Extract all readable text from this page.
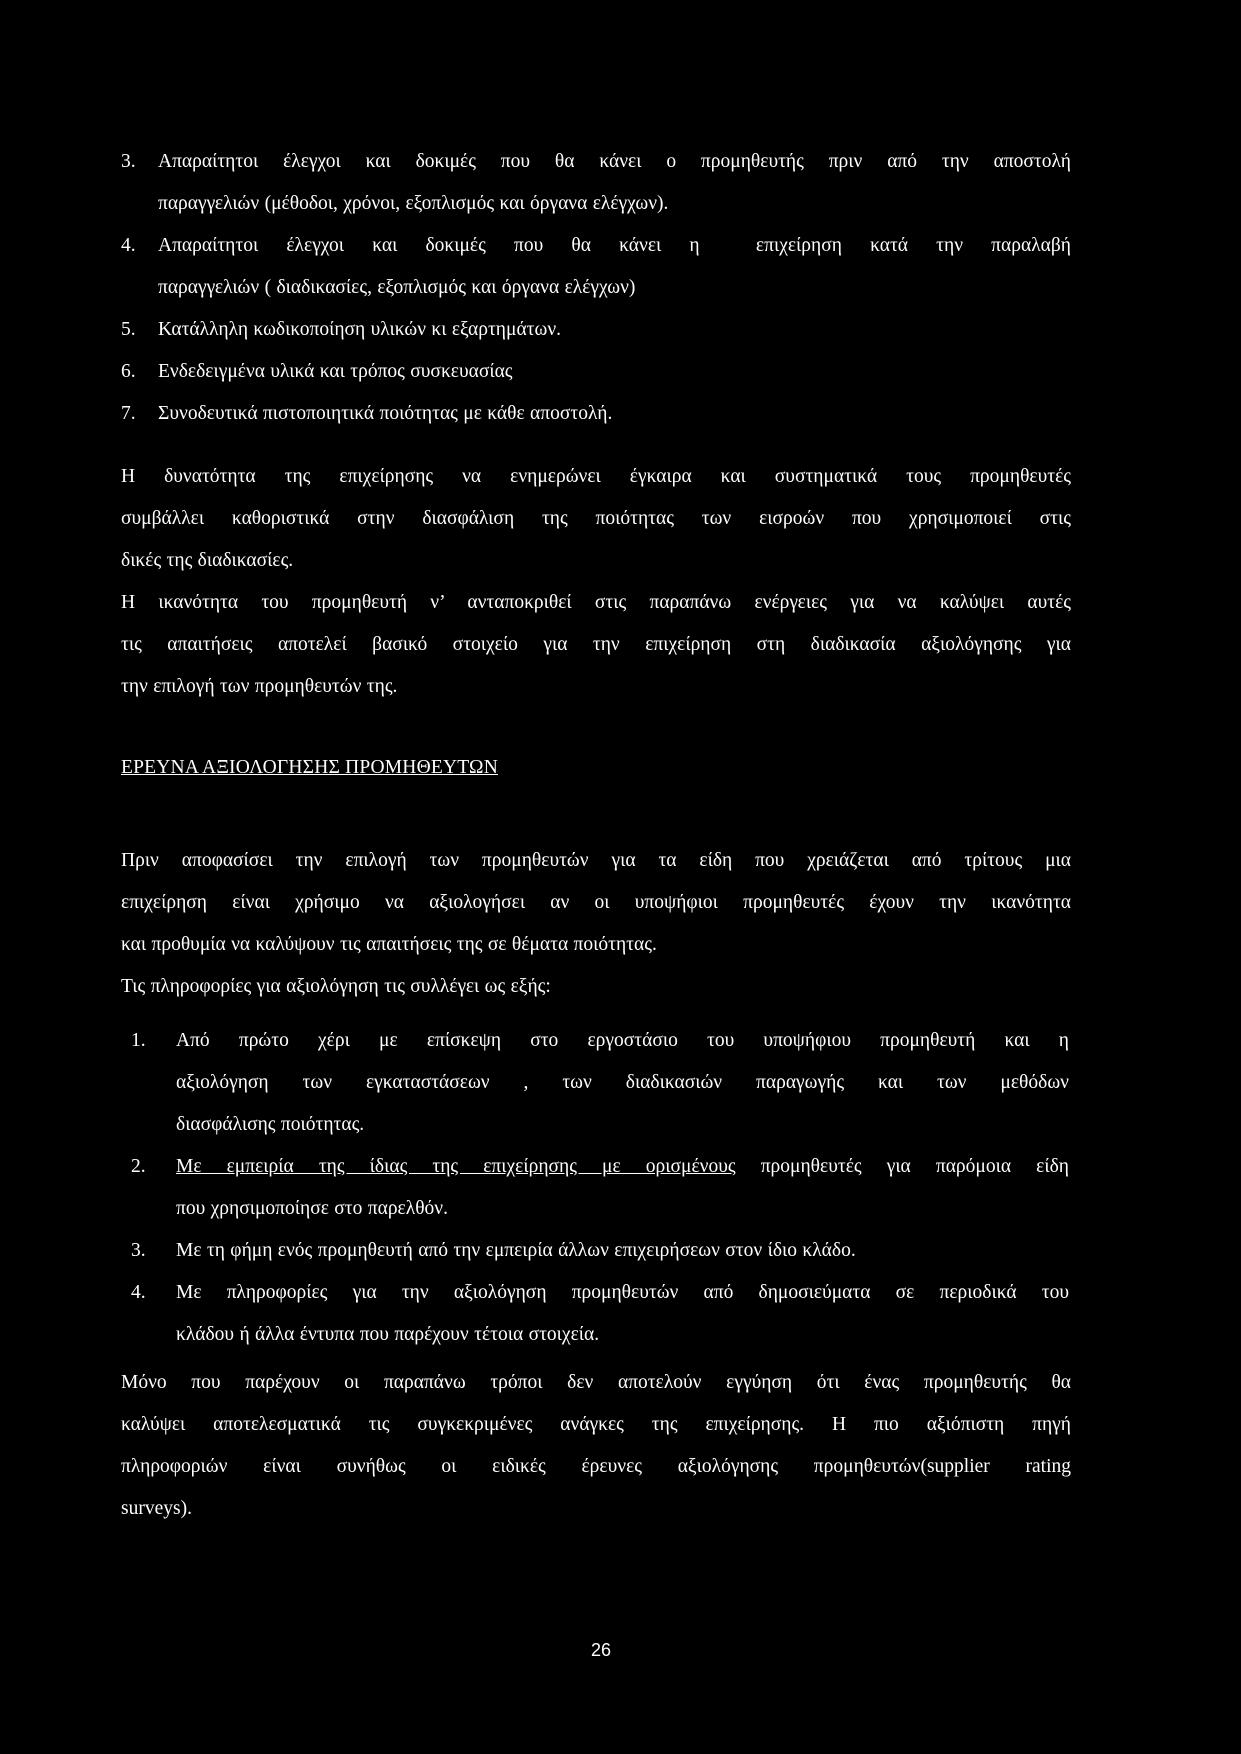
3.	Απαραίτητοι έλεγχοι και δοκιμές που θα κάνει ο προμηθευτής πριν από την αποστολή
παραγγελιών (μέθοδοι, χρόνοι, εξοπλισμός και όργανα ελέγχων).
4.	Απαραίτητοι έλεγχοι και δοκιμές που θα κάνει η  επιχείρηση κατά την παραλαβή
παραγγελιών ( διαδικασίες, εξοπλισμός και όργανα ελέγχων)
5.	Κατάλληλη κωδικοποίηση υλικών κι εξαρτημάτων.
6.	Ενδεδειγμένα υλικά και τρόπος συσκευασίας
7.	Συνοδευτικά πιστοποιητικά ποιότητας με κάθε αποστολή.
Η δυνατότητα της επιχείρησης να ενημερώνει έγκαιρα και συστηματικά τους προμηθευτές
συμβάλλει καθοριστικά στην διασφάλιση της ποιότητας των εισροών που χρησιμοποιεί στις
δικές της διαδικασίες.
Η ικανότητα του προμηθευτή ν’ ανταποκριθεί στις παραπάνω ενέργειες για να καλύψει αυτές
τις απαιτήσεις αποτελεί βασικό στοιχείο για την επιχείρηση στη διαδικασία αξιολόγησης για
την επιλογή των προμηθευτών της.
ΕΡΕΥΝΑ ΑΞΙΟΛΟΓΗΣΗΣ ΠΡΟΜΗΘΕΥΤΩΝ
Πριν αποφασίσει την επιλογή των προμηθευτών για τα είδη που χρειάζεται από τρίτους μια
επιχείρηση είναι χρήσιμο να αξιολογήσει αν οι υποψήφιοι προμηθευτές έχουν την ικανότητα
και προθυμία να καλύψουν τις απαιτήσεις της σε θέματα ποιότητας.
Τις πληροφορίες για αξιολόγηση τις συλλέγει ως εξής:
1.	Από πρώτο χέρι με επίσκεψη στο εργοστάσιο του υποψήφιου προμηθευτή και η
αξιολόγηση των εγκαταστάσεων , των διαδικασιών παραγωγής και των μεθόδων
διασφάλισης ποιότητας.
2.	Με εμπειρία της ίδιας της επιχείρησης με ορισμένους προμηθευτές για παρόμοια είδη
που χρησιμοποίησε στο παρελθόν.
3.	Με τη φήμη ενός προμηθευτή από την εμπειρία άλλων επιχειρήσεων στον ίδιο κλάδο.
4.	Με πληροφορίες για την αξιολόγηση προμηθευτών από δημοσιεύματα σε περιοδικά του
κλάδου ή άλλα έντυπα που παρέχουν τέτοια στοιχεία.
Μόνο που παρέχουν οι παραπάνω τρόποι δεν αποτελούν εγγύηση ότι ένας προμηθευτής θα
καλύψει αποτελεσματικά τις συγκεκριμένες ανάγκες της επιχείρησης. Η πιο αξιόπιστη πηγή
πληροφοριών είναι συνήθως οι ειδικές έρευνες αξιολόγησης προμηθευτών(supplier rating
surveys).
26
